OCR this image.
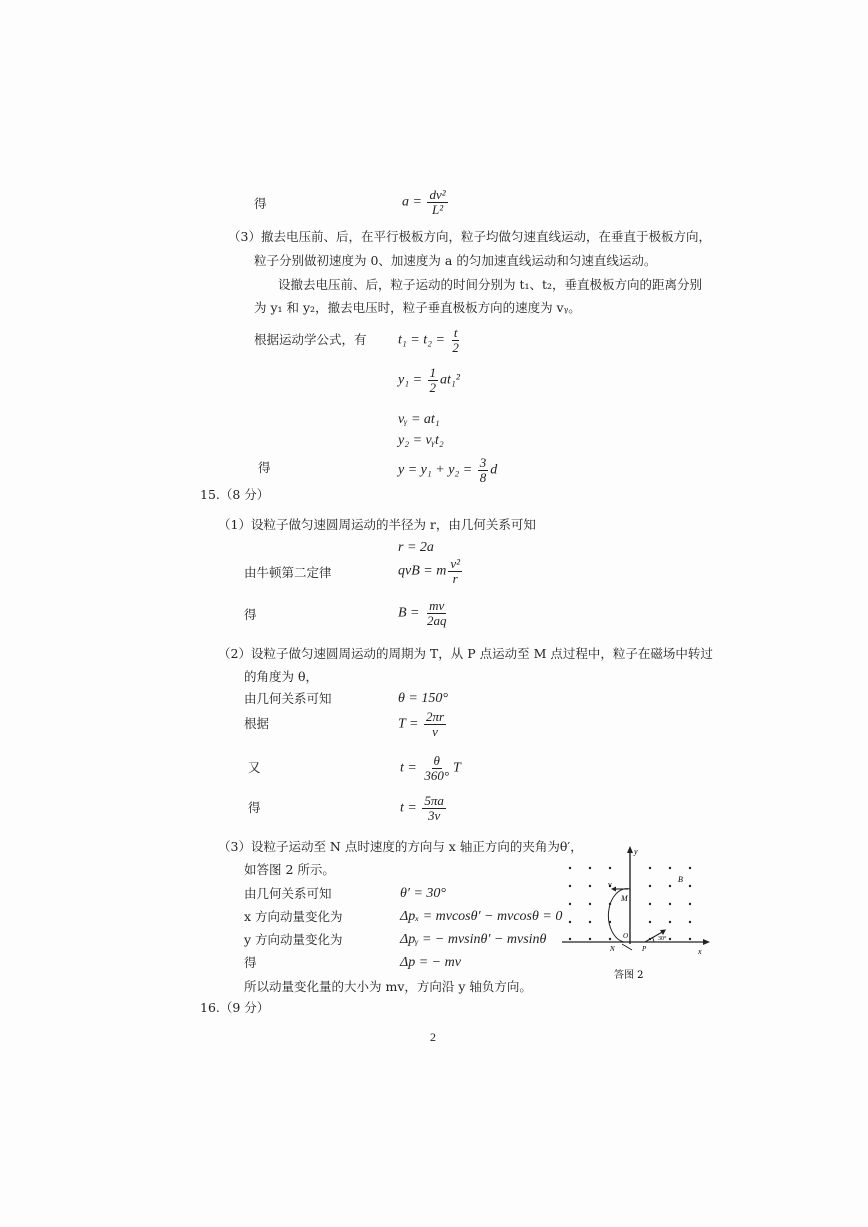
得	$a = \frac{\text{dv²}}{\text{L²}}$
（3）撤去电压前、后，在平行极板方向，粒子均做匀速直线运动，在垂直于极板方向，
粒子分别做初速度为 0、加速度为 a 的匀加速直线运动和匀速直线运动。
设撤去电压前、后，粒子运动的时间分别为 t₁、t₂，垂直极板方向的距离分别
为 y₁ 和 y₂，撤去电压时，粒子垂直极板方向的速度为 vᵧ。
根据运动学公式，有 $t_1 = t_2 = \frac{t}{2}$
$y_1 = \frac{1}{2} at_1^2$
vᵧ = at₁
y₂ = vᵧt₂
得	$y = y_1 + y_2 = \frac{3}{8}$ d
15.（8 分）
（1）设粒子做匀速圆周运动的半径为 r，由几何关系可知
r = 2a
由牛顿第二定律	qvB = m $\frac{\text{v²}}{r}$
得	$B = \frac{mv}{2aq}$
（2）设粒子做匀速圆周运动的周期为 T，从 P 点运动至 M 点过程中，粒子在磁场中转过
的角度为 θ，
由几何关系可知	θ = 150°
根据	$T = \frac{2\pi r}{v}$
又	$t = \frac{\theta}{360^\circ}$ T
得	$t = \frac{5\pi a}{3v}$
（3）设粒子运动至 N 点时速度的方向与 x 轴正方向的夹角为θ′，
如答图 2 所示。
由几何关系可知	θ′ = 30°
x 方向动量变化为	Δpₓ = mvcosθ′ − mvcosθ = 0
y 方向动量变化为	Δpᵧ = − mvsinθ′ − mvsinθ
得	Δp = − mv
所以动量变化量的大小为 mv，方向沿 y 轴负方向。
16.（9 分）
y
x
B
M
v
N
O
P
30°
答图 2
2
